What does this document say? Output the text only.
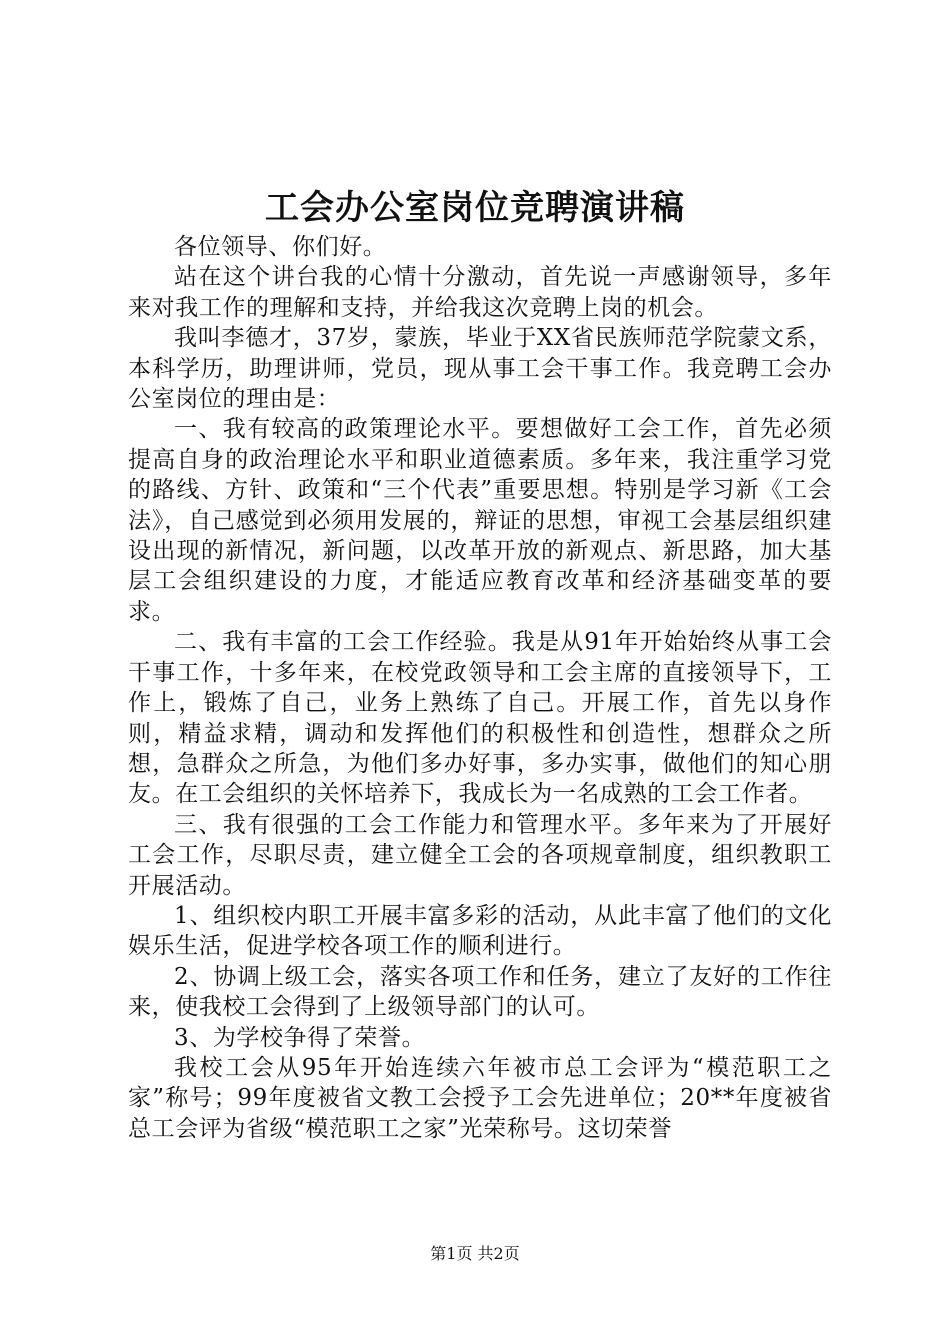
工会办公室岗位竞聘演讲稿

各位领导、你们好。

站在这个讲台我的心情十分激动，首先说一声感谢领导，多年来对我工作的理解和支持，并给我这次竞聘上岗的机会。

我叫李德才，37岁，蒙族，毕业于XX省民族师范学院蒙文系，本科学历，助理讲师，党员，现从事工会干事工作。我竞聘工会办公室岗位的理由是：

一、我有较高的政策理论水平。要想做好工会工作，首先必须提高自身的政治理论水平和职业道德素质。多年来，我注重学习党的路线、方针、政策和“三个代表”重要思想。特别是学习新《工会法》，自己感觉到必须用发展的，辩证的思想，审视工会基层组织建设出现的新情况，新问题，以改革开放的新观点、新思路，加大基层工会组织建设的力度，才能适应教育改革和经济基础变革的要求。

二、我有丰富的工会工作经验。我是从91年开始始终从事工会干事工作，十多年来，在校党政领导和工会主席的直接领导下，工作上，锻炼了自己，业务上熟练了自己。开展工作，首先以身作则，精益求精，调动和发挥他们的积极性和创造性，想群众之所想，急群众之所急，为他们多办好事，多办实事，做他们的知心朋友。在工会组织的关怀培养下，我成长为一名成熟的工会工作者。

三、我有很强的工会工作能力和管理水平。多年来为了开展好工会工作，尽职尽责，建立健全工会的各项规章制度，组织教职工开展活动。

1、组织校内职工开展丰富多彩的活动，从此丰富了他们的文化娱乐生活，促进学校各项工作的顺利进行。

2、协调上级工会，落实各项工作和任务，建立了友好的工作往来，使我校工会得到了上级领导部门的认可。

3、为学校争得了荣誉。

我校工会从95年开始连续六年被市总工会评为“模范职工之家”称号；99年度被省文教工会授予工会先进单位；20**年度被省总工会评为省级“模范职工之家”光荣称号。这切荣誉

第1页 共2页
